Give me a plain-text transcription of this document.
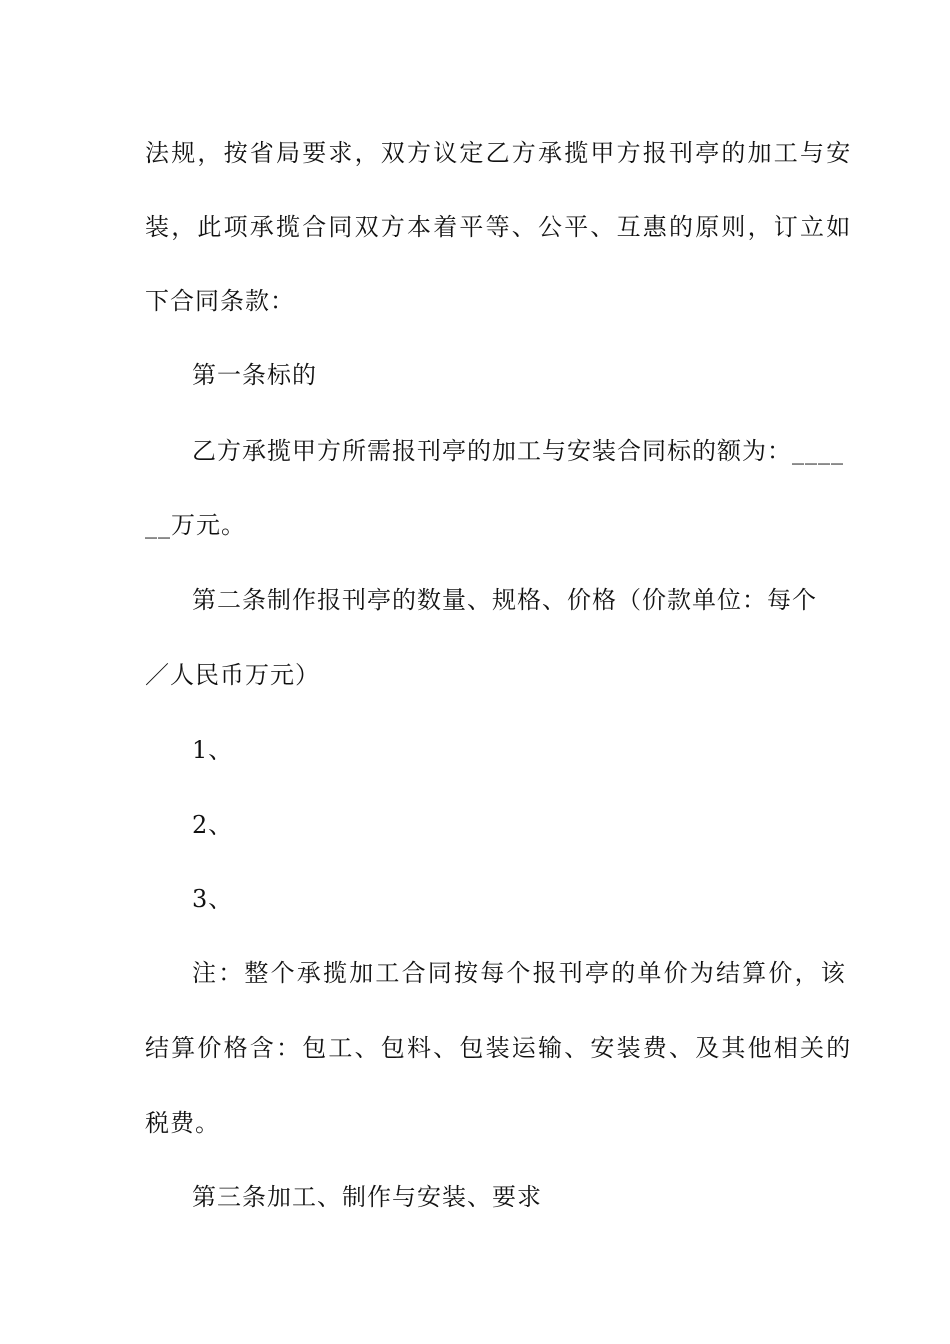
法规，按省局要求，双方议定乙方承揽甲方报刊亭的加工与安
装，此项承揽合同双方本着平等、公平、互惠的原则，订立如
下合同条款：
第一条标的
乙方承揽甲方所需报刊亭的加工与安装合同标的额为：____
__万元。
第二条制作报刊亭的数量、规格、价格（价款单位：每个
／人民币万元）
1、
2、
3、
注：整个承揽加工合同按每个报刊亭的单价为结算价，该
结算价格含：包工、包料、包装运输、安装费、及其他相关的
税费。
第三条加工、制作与安装、要求
